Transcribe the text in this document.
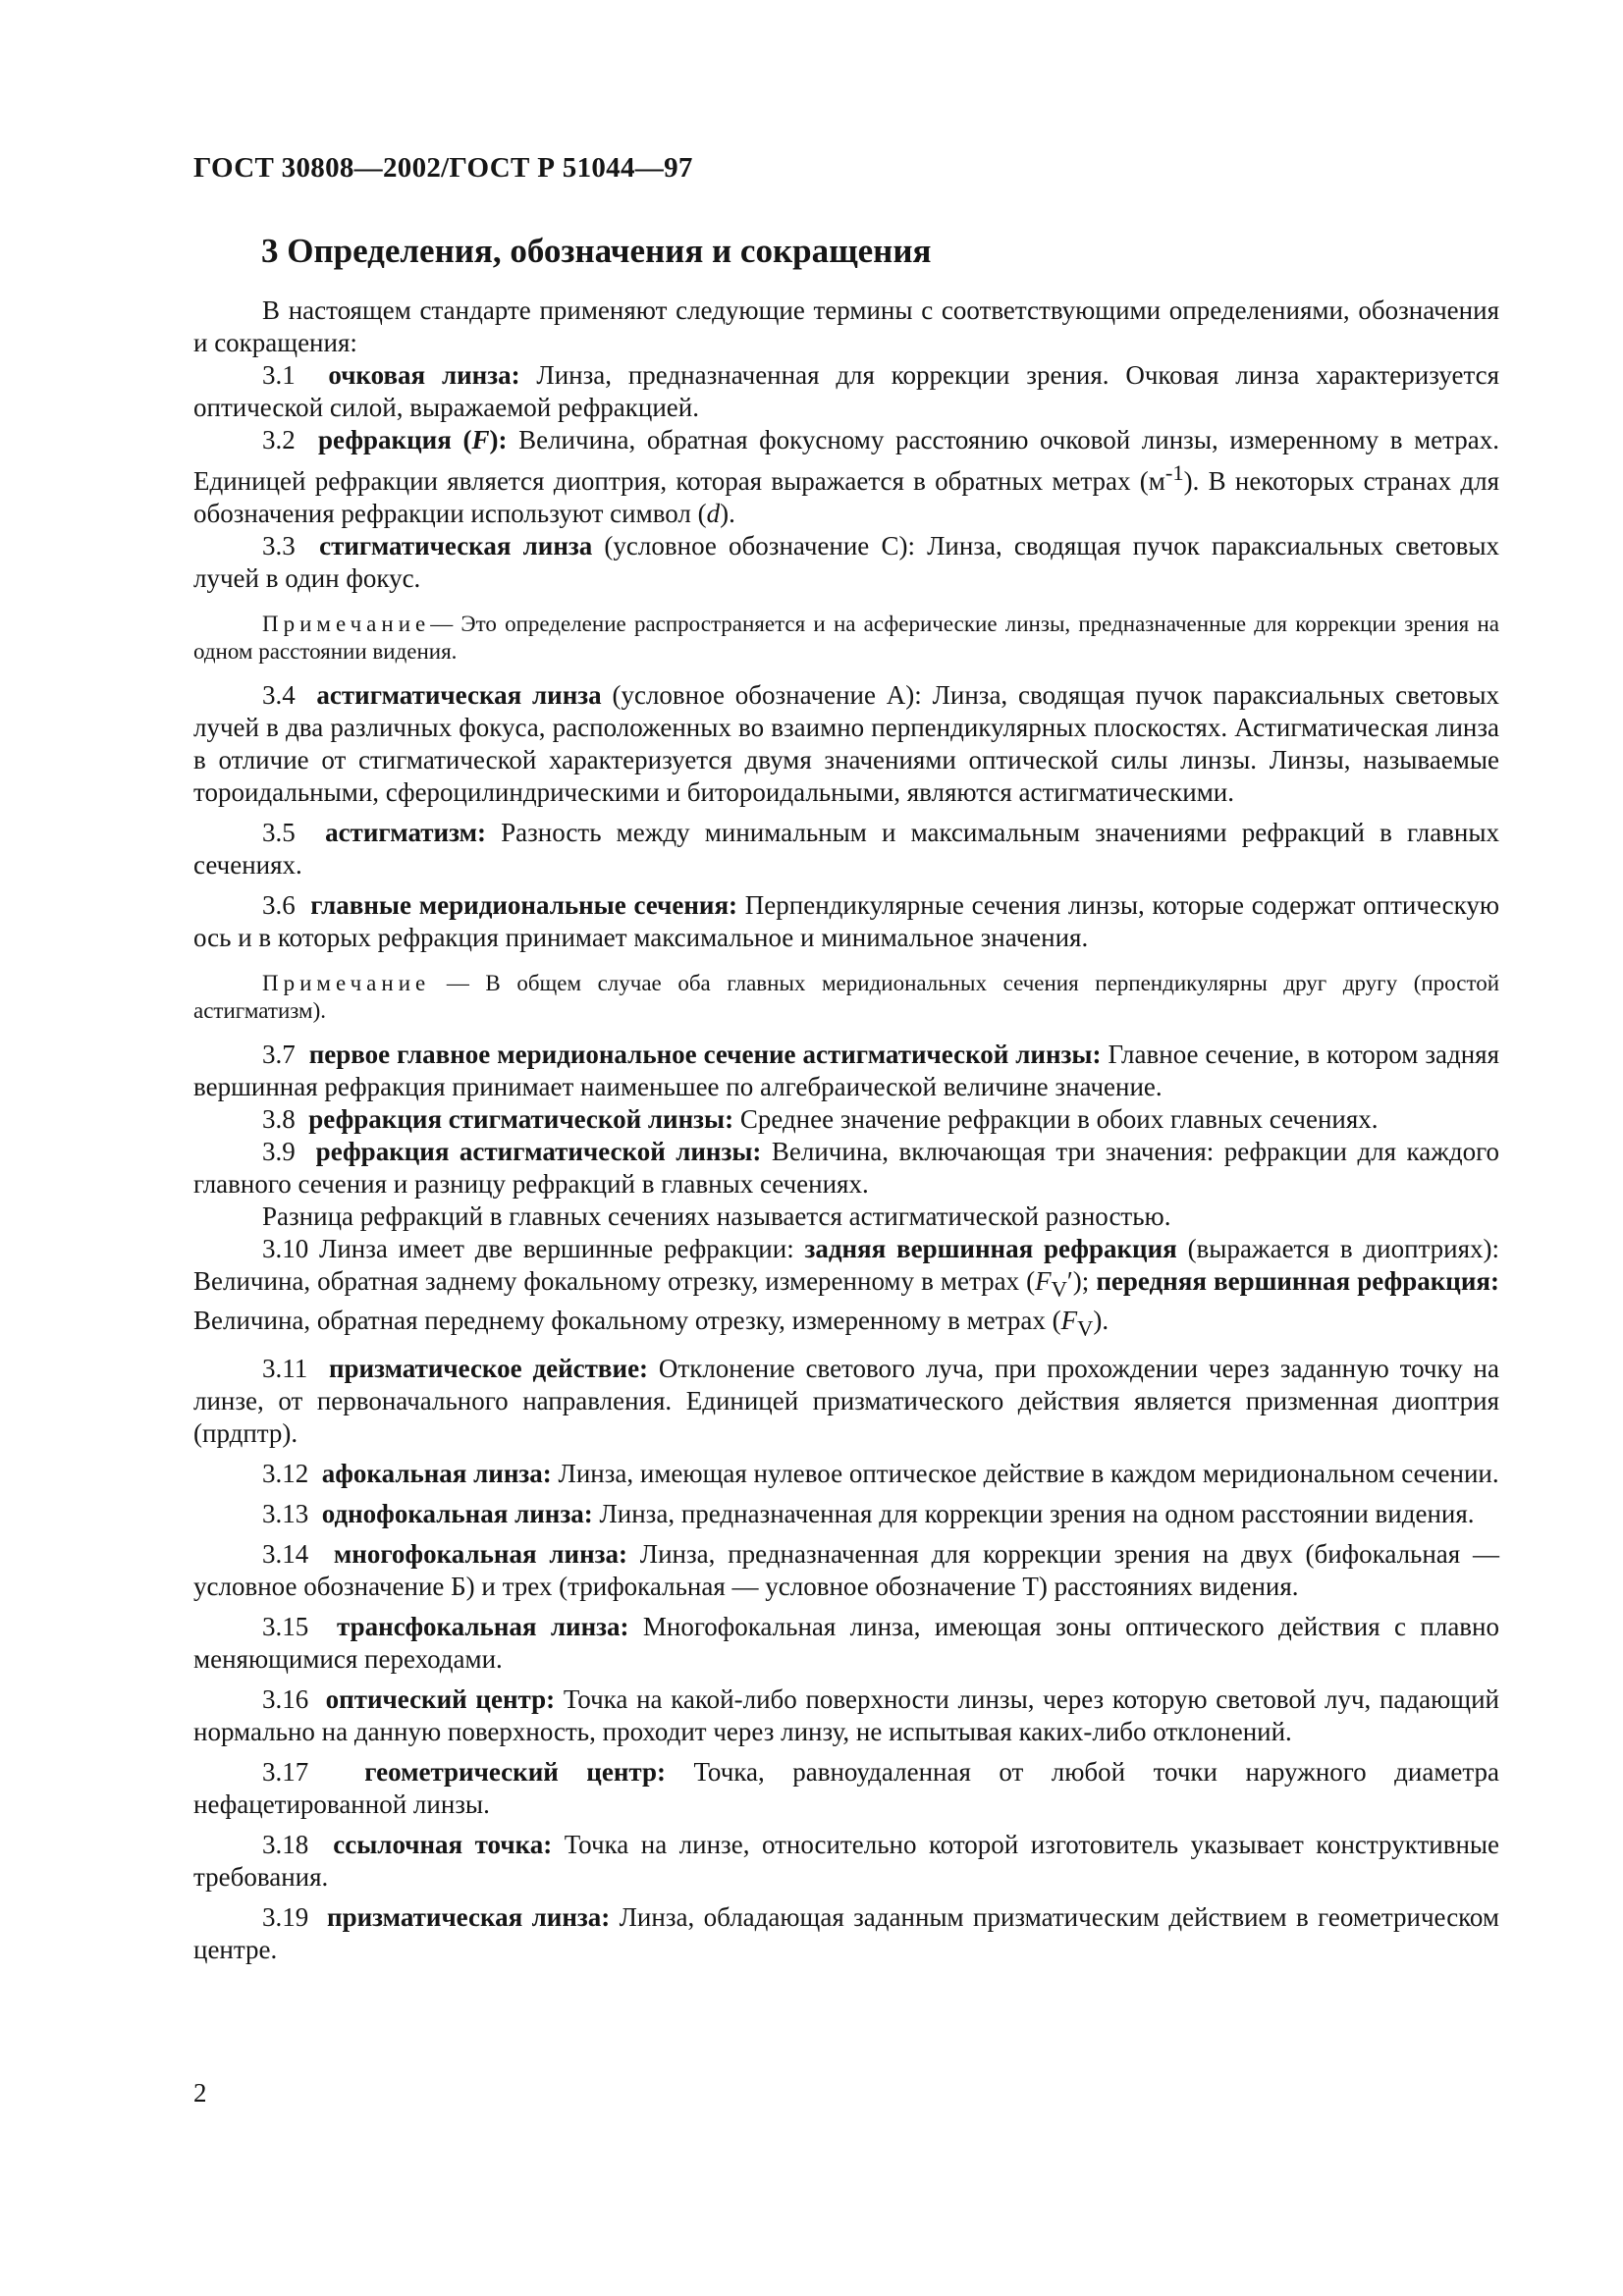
ГОСТ 30808—2002/ГОСТ Р 51044—97
3 Определения, обозначения и сокращения

В настоящем стандарте применяют следующие термины с соответствующими определениями, обозначения и сокращения:

3.1 очковая линза: Линза, предназначенная для коррекции зрения. Очковая линза характеризуется оптической силой, выражаемой рефракцией.

3.2 рефракция (F): Величина, обратная фокусному расстоянию очковой линзы, измеренному в метрах. Единицей рефракции является диоптрия, которая выражается в обратных метрах $(м^{-1})$. В некоторых странах для обозначения рефракции используют символ (d).

3.3 стигматическая линза (условное обозначение С): Линза, сводящая пучок параксиальных световых лучей в один фокус.

Примечание— Это определение распространяется и на асферические линзы, предназначенные для коррекции зрения на одном расстоянии видения.

3.4 астигматическая линза (условное обозначение А): Линза, сводящая пучок параксиальных световых лучей в два различных фокуса, расположенных во взаимно перпендикулярных плоскостях. Астигматическая линза в отличие от стигматической характеризуется двумя значениями оптической силы линзы. Линзы, называемые тороидальными, сфероцилиндрическими и битороидальными, являются астигматическими.

3.5 астигматизм: Разность между минимальным и максимальным значениями рефракций в главных сечениях.

3.6 главные меридиональные сечения: Перпендикулярные сечения линзы, которые содержат оптическую ось и в которых рефракция принимает максимальное и минимальное значения.

Примечание — В общем случае оба главных меридиональных сечения перпендикулярны друг другу (простой астигматизм).

3.7 первое главное меридиональное сечение астигматической линзы: Главное сечение, в котором задняя вершинная рефракция принимает наименьшее по алгебраической величине значение.

3.8 рефракция стигматической линзы: Среднее значение рефракции в обоих главных сечениях.

3.9 рефракция астигматической линзы: Величина, включающая три значения: рефракции для каждого главного сечения и разницу рефракций в главных сечениях.

Разница рефракций в главных сечениях называется астигматической разностью.

3.10 Линза имеет две вершинные рефракции: задняя вершинная рефракция (выражается в диоптриях): Величина, обратная заднему фокальному отрезку, измеренному в метрах $(F_V')$; передняя вершинная рефракция: Величина, обратная переднему фокальному отрезку, измеренному в метрах $(F_V)$.

3.11 призматическое действие: Отклонение светового луча, при прохождении через заданную точку на линзе, от первоначального направления. Единицей призматического действия является призменная диоптрия (прдптр).

3.12 афокальная линза: Линза, имеющая нулевое оптическое действие в каждом меридиональном сечении.

3.13 однофокальная линза: Линза, предназначенная для коррекции зрения на одном расстоянии видения.

3.14 многофокальная линза: Линза, предназначенная для коррекции зрения на двух (бифокальная — условное обозначение Б) и трех (трифокальная — условное обозначение Т) расстояниях видения.

3.15 трансфокальная линза: Многофокальная линза, имеющая зоны оптического действия с плавно меняющимися переходами.

3.16 оптический центр: Точка на какой-либо поверхности линзы, через которую световой луч, падающий нормально на данную поверхность, проходит через линзу, не испытывая каких-либо отклонений.

3.17 геометрический центр: Точка, равноудаленная от любой точки наружного диаметра нефацетированной линзы.

3.18 ссылочная точка: Точка на линзе, относительно которой изготовитель указывает конструктивные требования.

3.19 призматическая линза: Линза, обладающая заданным призматическим действием в геометрическом центре.

2
